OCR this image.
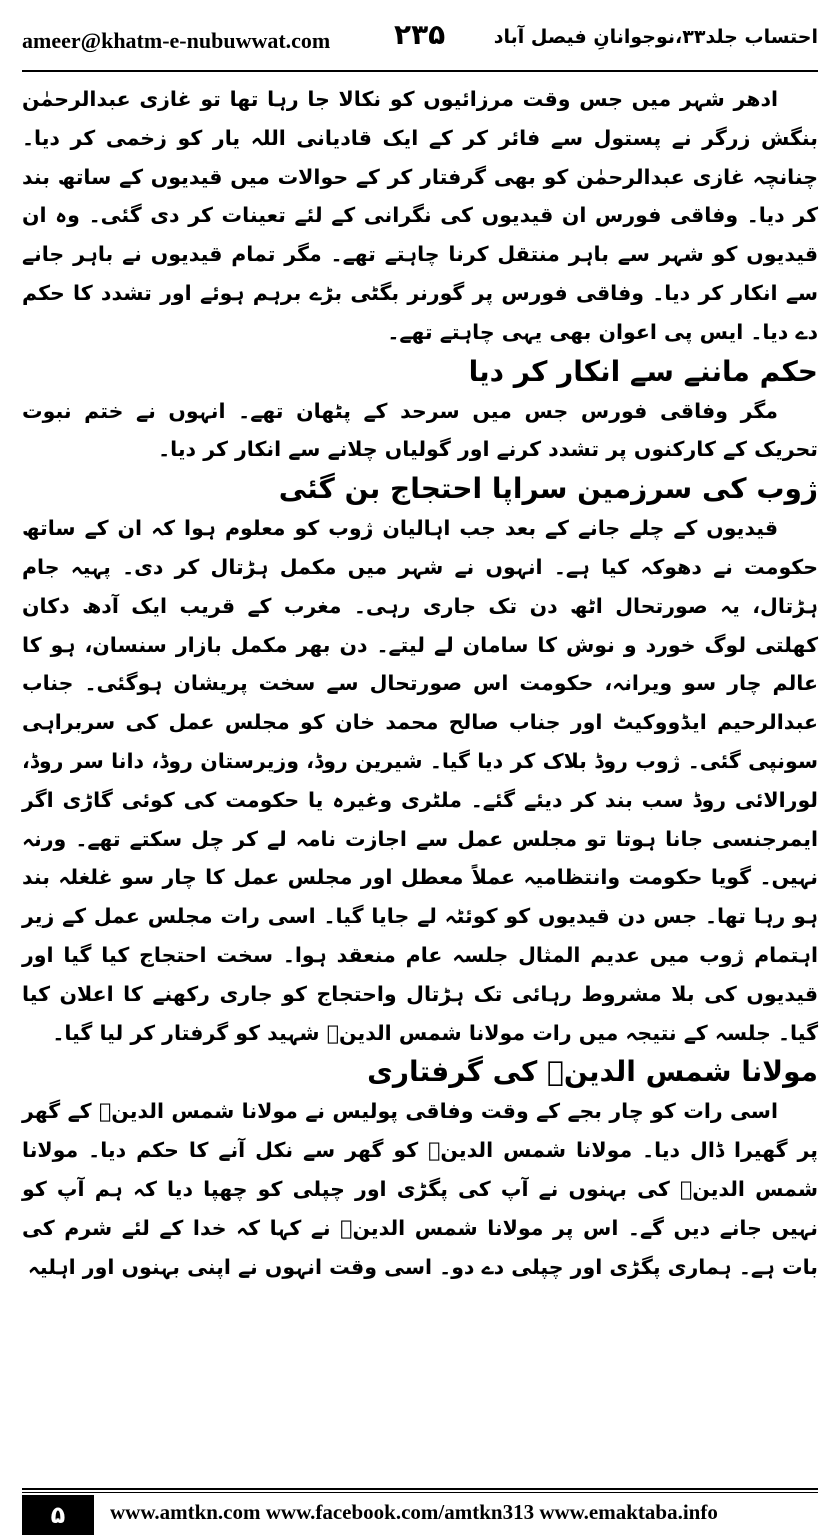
ameer@khatm-e-nubuwwat.com ۲۳۵	احتساب جلد۳۳،نوجوانانِ فیصل آباد

ادھر شہر میں جس وقت مرزائیوں کو نکالا جا رہا تھا تو غازی عبدالرحمٰن بنگش زرگر نے پستول سے فائر کر کے ایک قادیانی اللہ یار کو زخمی کر دیا۔ چنانچہ غازی عبدالرحمٰن کو بھی گرفتار کر کے حوالات میں قیدیوں کے ساتھ بند کر دیا۔ وفاقی فورس ان قیدیوں کی نگرانی کے لئے تعینات کر دی گئی۔ وہ ان قیدیوں کو شہر سے باہر منتقل کرنا چاہتے تھے۔ مگر تمام قیدیوں نے باہر جانے سے انکار کر دیا۔ وفاقی فورس پر گورنر بگٹی بڑے برہم ہوئے اور تشدد کا حکم دے دیا۔ ایس پی اعوان بھی یہی چاہتے تھے۔

حکم ماننے سے انکار کر دیا

مگر وفاقی فورس جس میں سرحد کے پٹھان تھے۔ انہوں نے ختم نبوت تحریک کے کارکنوں پر تشدد کرنے اور گولیاں چلانے سے انکار کر دیا۔

ژوب کی سرزمین سراپا احتجاج بن گئی

قیدیوں کے چلے جانے کے بعد جب اہالیان ژوب کو معلوم ہوا کہ ان کے ساتھ حکومت نے دھوکہ کیا ہے۔ انہوں نے شہر میں مکمل ہڑتال کر دی۔ پہیہ جام ہڑتال، یہ صورتحال اٹھ دن تک جاری رہی۔ مغرب کے قریب ایک آدھ دکان کھلتی لوگ خورد و نوش کا سامان لے لیتے۔ دن بھر مکمل بازار سنسان، ہو کا عالم چار سو ویرانہ، حکومت اس صورتحال سے سخت پریشان ہوگئی۔ جناب عبدالرحیم ایڈووکیٹ اور جناب صالح محمد خان کو مجلس عمل کی سربراہی سونپی گئی۔ ژوب روڈ بلاک کر دیا گیا۔ شیرین روڈ، وزیرستان روڈ، دانا سر روڈ، لورالائی روڈ سب بند کر دیئے گئے۔ ملٹری وغیرہ یا حکومت کی کوئی گاڑی اگر ایمرجنسی جانا ہوتا تو مجلس عمل سے اجازت نامہ لے کر چل سکتے تھے۔ ورنہ نہیں۔ گویا حکومت وانتظامیہ عملاً معطل اور مجلس عمل کا چار سو غلغلہ بند ہو رہا تھا۔ جس دن قیدیوں کو کوئٹہ لے جایا گیا۔ اسی رات مجلس عمل کے زیر اہتمام ژوب میں عدیم المثال جلسہ عام منعقد ہوا۔ سخت احتجاج کیا گیا اور قیدیوں کی بلا مشروط رہائی تک ہڑتال واحتجاج کو جاری رکھنے کا اعلان کیا گیا۔ جلسہ کے نتیجہ میں رات مولانا شمس الدینؒ شہید کو گرفتار کر لیا گیا۔

مولانا شمس الدینؒ کی گرفتاری

اسی رات کو چار بجے کے وقت وفاقی پولیس نے مولانا شمس الدینؒ کے گھر پر گھیرا ڈال دیا۔ مولانا شمس الدینؒ کو گھر سے نکل آنے کا حکم دیا۔ مولانا شمس الدینؒ کی بہنوں نے آپ کی پگڑی اور چپلی کو چھپا دیا کہ ہم آپ کو نہیں جانے دیں گے۔ اس پر مولانا شمس الدینؒ نے کہا کہ خدا کے لئے شرم کی بات ہے۔ ہماری پگڑی اور چپلی دے دو۔ اسی وقت انہوں نے اپنی بہنوں اور اہلیہ

۵	www.amtkn.com www.facebook.com/amtkn313 www.emaktaba.info
